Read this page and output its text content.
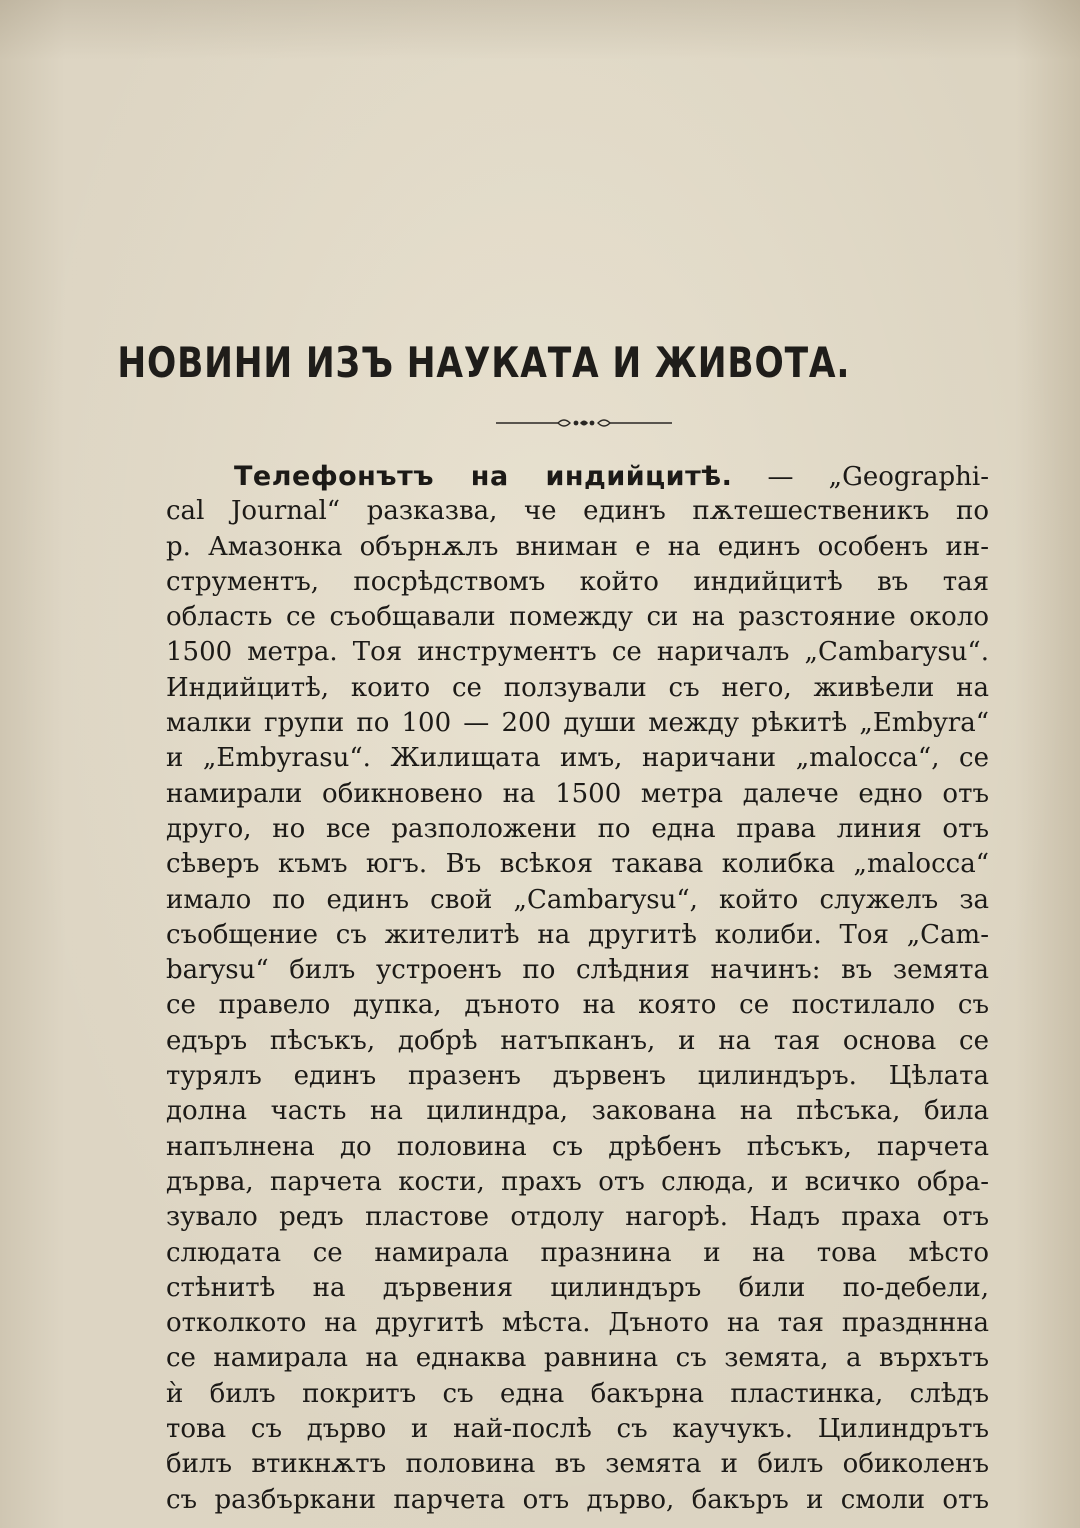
НОВИНИ ИЗЪ НАУКАТА И ЖИВОТА.
Телефонътъ на индийцитѣ. — „Geographi-
cal Journal“ разказва, че единъ пѫтешественикъ по
р. Амазонка обърнѫлъ вниман е на единъ особенъ ин-
струментъ, посрѣдствомъ който индийцитѣ въ тая
область се съобщавали помежду си на разстояние около
1500 метра. Тоя инструментъ се наричалъ „Cambarysu“.
Индийцитѣ, които се ползували съ него, живѣели на
малки групи по 100 — 200 души между рѣкитѣ „Embyra“
и „Embyrasu“. Жилищата имъ, наричани „malocca“, се
намирали обикновено на 1500 метра далече едно отъ
друго, но все разположени по една права линия отъ
сѣверъ къмъ югъ. Въ всѣкоя такава колибка „malocca“
имало по единъ свой „Cambarysu“, който служелъ за
съобщение съ жителитѣ на другитѣ колиби. Тоя „Cam-
barysu“ билъ устроенъ по слѣдния начинъ: въ земята
се правело дупка, дъното на която се постилало съ
едъръ пѣсъкъ, добрѣ натъпканъ, и на тая основа се
турялъ единъ празенъ дървенъ цилиндъръ. Цѣлата
долна часть на цилиндра, закована на пѣсъка, била
напълнена до половина съ дрѣбенъ пѣсъкъ, парчета
дърва, парчета кости, прахъ отъ слюда, и всичко обра-
зувало редъ пластове отдолу нагорѣ. Надъ праха отъ
слюдата се намирала празнина и на това мѣсто
стѣнитѣ на дървения цилиндъръ били по-дебели,
отколкото на другитѣ мѣста. Дъното на тая праздннна
се намирала на еднаква равнина съ земята, а върхътъ
ѝ билъ покритъ съ една бакърна пластинка, слѣдъ
това съ дърво и най-послѣ съ каучукъ. Цилиндрътъ
билъ втикнѫтъ половина въ земята и билъ обиколенъ
съ разбъркани парчета отъ дърво, бакъръ и смоли отъ
